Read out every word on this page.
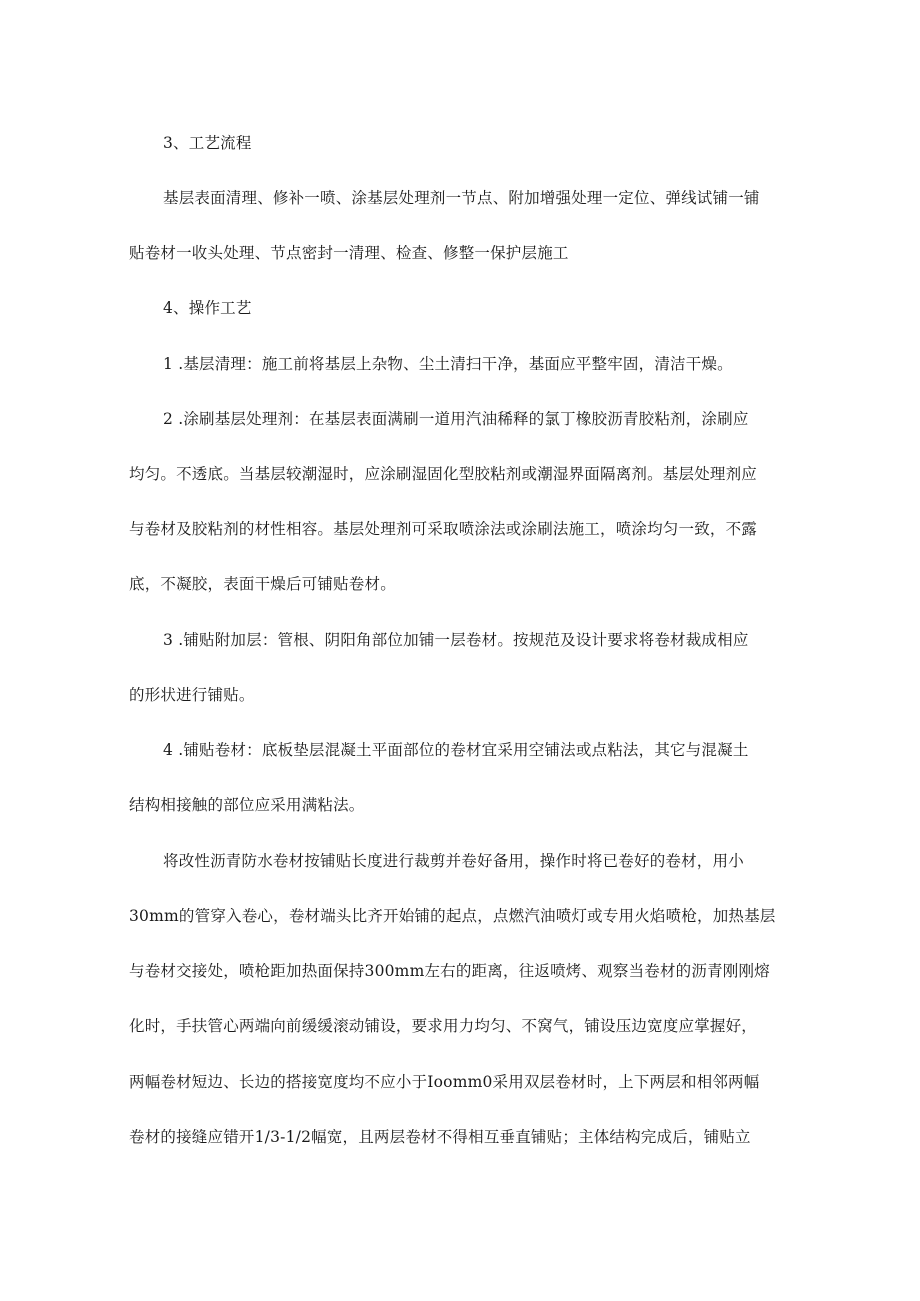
3、工艺流程
基层表面清理、修补一喷、涂基层处理剂一节点、附加增强处理一定位、弹线试铺一铺
贴卷材一收头处理、节点密封一清理、检查、修整一保护层施工
4、操作工艺
1 .基层清理：施工前将基层上杂物、尘土清扫干净，基面应平整牢固，清洁干燥。
2 .涂刷基层处理剂：在基层表面满刷一道用汽油稀释的氯丁橡胶沥青胶粘剂，涂刷应
均匀。不透底。当基层较潮湿时，应涂刷湿固化型胶粘剂或潮湿界面隔离剂。基层处理剂应
与卷材及胶粘剂的材性相容。基层处理剂可采取喷涂法或涂刷法施工，喷涂均匀一致，不露
底，不凝胶，表面干燥后可铺贴卷材。
3 .铺贴附加层：管根、阴阳角部位加铺一层卷材。按规范及设计要求将卷材裁成相应
的形状进行铺贴。
4 .铺贴卷材：底板垫层混凝土平面部位的卷材宜采用空铺法或点粘法，其它与混凝土
结构相接触的部位应采用满粘法。
将改性沥青防水卷材按铺贴长度进行裁剪并卷好备用，操作时将已卷好的卷材，用小
30mm的管穿入卷心，卷材端头比齐开始铺的起点，点燃汽油喷灯或专用火焰喷枪，加热基层
与卷材交接处，喷枪距加热面保持300mm左右的距离，往返喷烤、观察当卷材的沥青刚刚熔
化时，手扶管心两端向前缓缓滚动铺设，要求用力均匀、不窝气，铺设压边宽度应掌握好，
两幅卷材短边、长边的搭接宽度均不应小于Ioomm0采用双层卷材时，上下两层和相邻两幅
卷材的接缝应错开1/3-1/2幅宽，且两层卷材不得相互垂直铺贴；主体结构完成后，铺贴立
